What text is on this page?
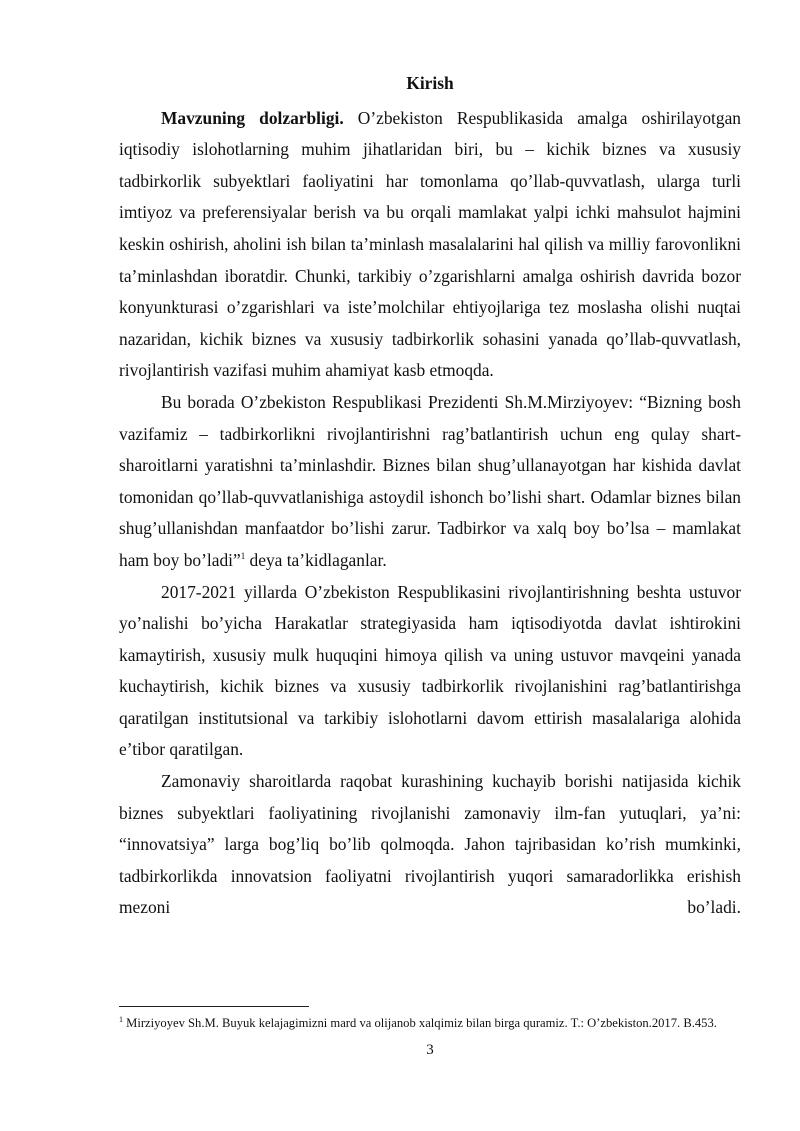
Kirish

Mavzuning dolzarbligi. O’zbekiston Respublikasida amalga oshirilayotgan iqtisodiy islohotlarning muhim jihatlaridan biri, bu – kichik biznes va xususiy tadbirkorlik subyektlari faoliyatini har tomonlama qo’llab-quvvatlash, ularga turli imtiyoz va preferensiyalar berish va bu orqali mamlakat yalpi ichki mahsulot hajmini keskin oshirish, aholini ish bilan ta’minlash masalalarini hal qilish va milliy farovonlikni ta’minlashdan iboratdir. Chunki, tarkibiy o’zgarishlarni amalga oshirish davrida bozor konyunkturasi o’zgarishlari va iste’molchilar ehtiyojlariga tez moslasha olishi nuqtai nazaridan, kichik biznes va xususiy tadbirkorlik sohasini yanada qo’llab-quvvatlash, rivojlantirish vazifasi muhim ahamiyat kasb etmoqda.

Bu borada O’zbekiston Respublikasi Prezidenti Sh.M.Mirziyoyev: “Bizning bosh vazifamiz – tadbirkorlikni rivojlantirishni rag’batlantirish uchun eng qulay shart-sharoitlarni yaratishni ta’minlashdir. Biznes bilan shug’ullanayotgan har kishida davlat tomonidan qo’llab-quvvatlanishiga astoydil ishonch bo’lishi shart. Odamlar biznes bilan shug’ullanishdan manfaatdor bo’lishi zarur. Tadbirkor va xalq boy bo’lsa – mamlakat ham boy bo’ladi”$^1$ deya ta’kidlaganlar.

2017-2021 yillarda O’zbekiston Respublikasini rivojlantirishning beshta ustuvor yo’nalishi bo’yicha Harakatlar strategiyasida ham iqtisodiyotda davlat ishtirokini kamaytirish, xususiy mulk huquqini himoya qilish va uning ustuvor mavqeini yanada kuchaytirish, kichik biznes va xususiy tadbirkorlik rivojlanishini rag’batlantirishga qaratilgan institutsional va tarkibiy islohotlarni davom ettirish masalalariga alohida e’tibor qaratilgan.

Zamonaviy sharoitlarda raqobat kurashining kuchayib borishi natijasida kichik biznes subyektlari faoliyatining rivojlanishi zamonaviy ilm-fan yutuqlari, ya’ni: “innovatsiya” larga bog’liq bo’lib qolmoqda. Jahon tajribasidan ko’rish mumkinki, tadbirkorlikda innovatsion faoliyatni rivojlantirish yuqori samaradorlikka erishish mezoni bo’ladi.

$^1$ Mirziyoyev Sh.M. Buyuk kelajagimizni mard va olijanob xalqimiz bilan birga quramiz. T.: O’zbekiston.2017. B.453.
3
